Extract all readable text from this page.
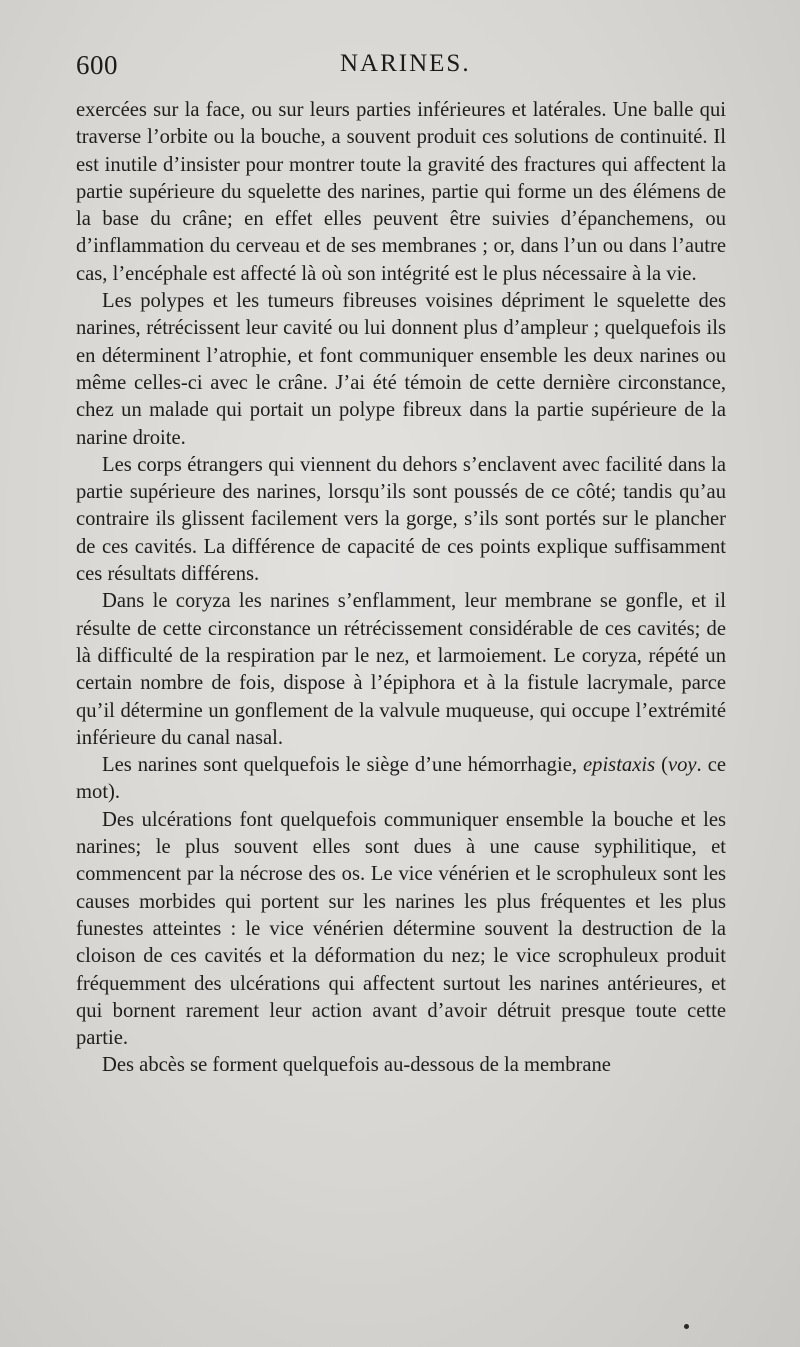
600	NARINES.

exercées sur la face, ou sur leurs parties inférieures et latérales. Une balle qui traverse l’orbite ou la bouche, a souvent produit ces solutions de continuité. Il est inutile d’insister pour montrer toute la gravité des fractures qui affectent la partie supérieure du squelette des narines, partie qui forme un des élémens de la base du crâne; en effet elles peuvent être suivies d’épanchemens, ou d’inflammation du cerveau et de ses membranes ; or, dans l’un ou dans l’autre cas, l’encéphale est affecté là où son intégrité est le plus nécessaire à la vie.

Les polypes et les tumeurs fibreuses voisines dépriment le squelette des narines, rétrécissent leur cavité ou lui donnent plus d’ampleur ; quelquefois ils en déterminent l’atrophie, et font communiquer ensemble les deux narines ou même celles-ci avec le crâne. J’ai été témoin de cette dernière circonstance, chez un malade qui portait un polype fibreux dans la partie supérieure de la narine droite.

Les corps étrangers qui viennent du dehors s’enclavent avec facilité dans la partie supérieure des narines, lorsqu’ils sont poussés de ce côté; tandis qu’au contraire ils glissent facilement vers la gorge, s’ils sont portés sur le plancher de ces cavités. La différence de capacité de ces points explique suffisamment ces résultats différens.

Dans le coryza les narines s’enflamment, leur membrane se gonfle, et il résulte de cette circonstance un rétrécissement considérable de ces cavités; de là difficulté de la respiration par le nez, et larmoiement. Le coryza, répété un certain nombre de fois, dispose à l’épiphora et à la fistule lacrymale, parce qu’il détermine un gonflement de la valvule muqueuse, qui occupe l’extrémité inférieure du canal nasal.

Les narines sont quelquefois le siège d’une hémorrhagie, epistaxis (voy. ce mot).

Des ulcérations font quelquefois communiquer ensemble la bouche et les narines; le plus souvent elles sont dues à une cause syphilitique, et commencent par la nécrose des os. Le vice vénérien et le scrophuleux sont les causes morbides qui portent sur les narines les plus fréquentes et les plus funestes atteintes : le vice vénérien détermine souvent la destruction de la cloison de ces cavités et la déformation du nez; le vice scrophuleux produit fréquemment des ulcérations qui affectent surtout les narines antérieures, et qui bornent rarement leur action avant d’avoir détruit presque toute cette partie.

Des abcès se forment quelquefois au-dessous de la membrane
